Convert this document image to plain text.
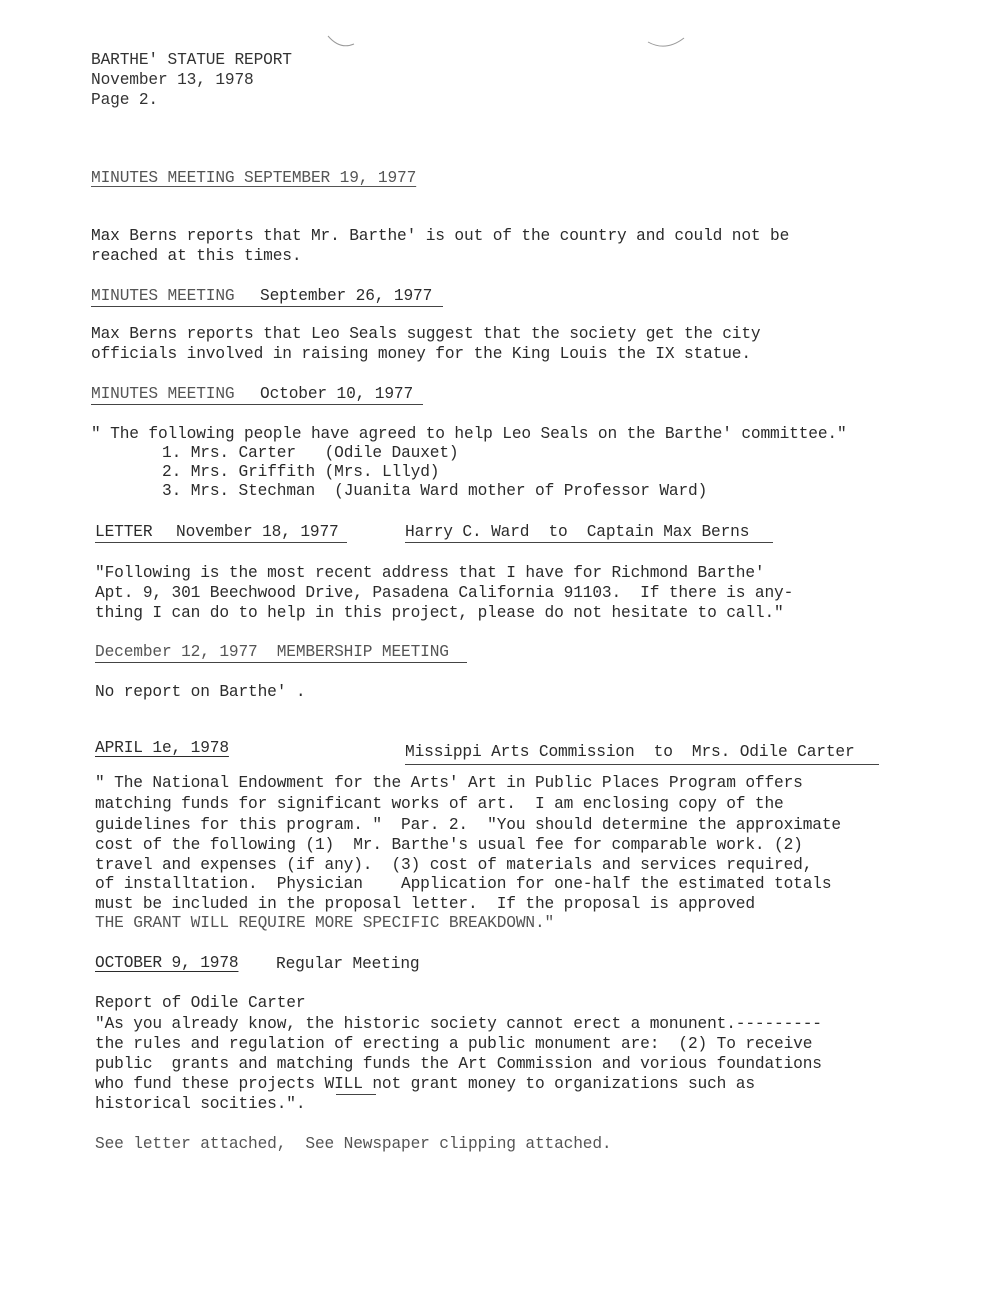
BARTHE' STATUE REPORT
November 13, 1978
Page 2.
MINUTES MEETING SEPTEMBER 19, 1977
Max Berns reports that Mr. Barthe' is out of the country and could not be
reached at this times.
MINUTES MEETING September 26, 1977
Max Berns reports that Leo Seals suggest that the society get the city
officials involved in raising money for the King Louis the IX statue.
MINUTES MEETING October 10, 1977
" The following people have agreed to help Leo Seals on the Barthe' committee."
1. Mrs. Carter   (Odile Dauxet)
2. Mrs. Griffith (Mrs. Lllyd)
3. Mrs. Stechman  (Juanita Ward mother of Professor Ward)
LETTER November 18, 1977	Harry C. Ward  to  Captain Max Berns
"Following is the most recent address that I have for Richmond Barthe'
Apt. 9, 301 Beechwood Drive, Pasadena California 91103.  If there is any-
thing I can do to help in this project, please do not hesitate to call."
December 12, 1977  MEMBERSHIP MEETING
No report on Barthe' .
APRIL 1e, 1978	Missippi Arts Commission  to  Mrs. Odile Carter
" The National Endowment for the Arts' Art in Public Places Program offers
matching funds for significant works of art.  I am enclosing copy of the
guidelines for this program. "  Par. 2.  "You should determine the approximate
cost of the following (1)  Mr. Barthe's usual fee for comparable work. (2)
travel and expenses (if any).  (3) cost of materials and services required,
of installtation.  Physician    Application for one-half the estimated totals
must be included in the proposal letter.  If the proposal is approved
THE GRANT WILL REQUIRE MORE SPECIFIC BREAKDOWN."
OCTOBER 9, 1978 Regular Meeting
Report of Odile Carter
"As you already know, the historic society cannot erect a monunent.---------
the rules and regulation of erecting a public monument are:  (2) To receive
public  grants and matching funds the Art Commission and vorious foundations
who fund these projects WILL not grant money to organizations such as
historical socities.".
See letter attached,  See Newspaper clipping attached.
